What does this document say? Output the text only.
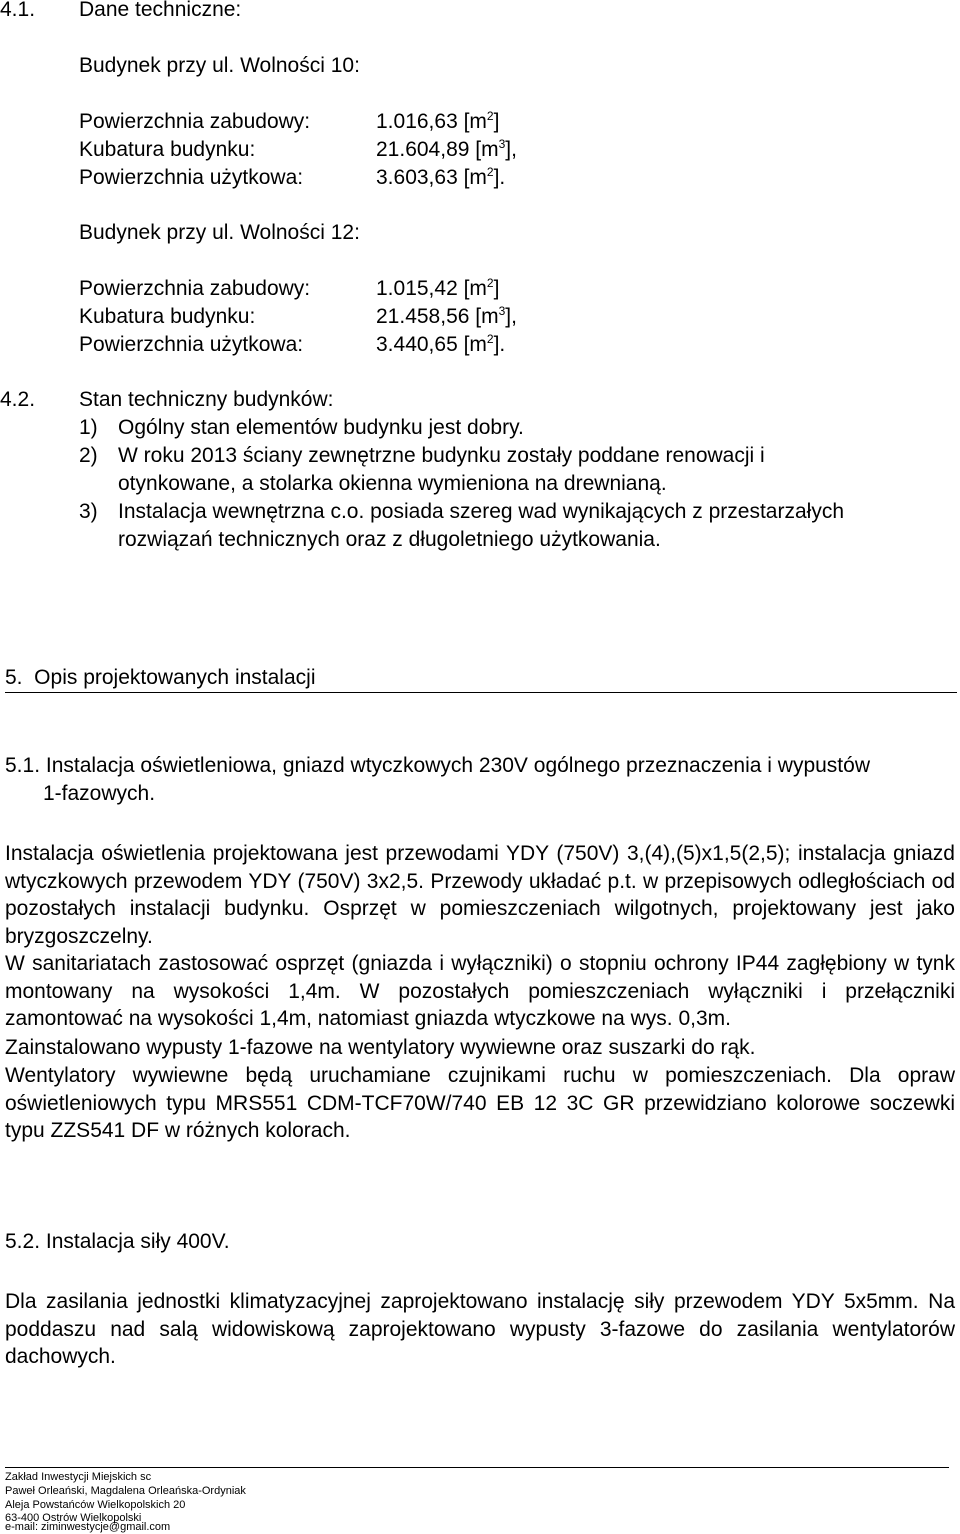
4.1. Dane techniczne:
Budynek przy ul. Wolności 10:
Powierzchnia zabudowy:	1.016,63 $[m^2]$
Kubatura budynku:	21.604,89 $[m^3]$,
Powierzchnia użytkowa:	3.603,63 $[m^2]$.
Budynek przy ul. Wolności 12:
Powierzchnia zabudowy:	1.015,42 $[m^2]$
Kubatura budynku:	21.458,56 $[m^3]$,
Powierzchnia użytkowa:	3.440,65 $[m^2]$.
4.2. Stan techniczny budynków:
1) Ogólny stan elementów budynku jest dobry.
2) W roku 2013 ściany zewnętrzne budynku zostały poddane renowacji i
otynkowane, a stolarka okienna wymieniona na drewnianą.
3) Instalacja wewnętrzna c.o. posiada szereg wad wynikających z przestarzałych
rozwiązań technicznych oraz z długoletniego użytkowania.
5.  Opis projektowanych instalacji
5.1. Instalacja oświetleniowa, gniazd wtyczkowych 230V ogólnego przeznaczenia i wypustów
1-fazowych.
Instalacja oświetlenia projektowana jest przewodami YDY (750V) 3,(4),(5)x1,5(2,5); instalacja gniazd wtyczkowych przewodem YDY (750V) 3x2,5. Przewody układać p.t. w przepisowych odległościach od pozostałych instalacji budynku. Osprzęt w pomieszczeniach wilgotnych, projektowany jest jako bryzgoszczelny.
W sanitariatach zastosować osprzęt (gniazda i wyłączniki) o stopniu ochrony IP44 zagłębiony w tynk montowany na wysokości 1,4m. W pozostałych pomieszczeniach wyłączniki i przełączniki zamontować na wysokości 1,4m, natomiast gniazda wtyczkowe na wys. 0,3m.
Zainstalowano wypusty 1-fazowe na wentylatory wywiewne oraz suszarki do rąk.
Wentylatory wywiewne będą uruchamiane czujnikami ruchu w pomieszczeniach. Dla opraw oświetleniowych typu MRS551 CDM-TCF70W/740 EB 12 3C GR przewidziano kolorowe soczewki typu ZZS541 DF w różnych kolorach.
5.2. Instalacja siły 400V.
Dla zasilania jednostki klimatyzacyjnej zaprojektowano instalację siły przewodem YDY 5x5mm. Na poddaszu nad salą widowiskową zaprojektowano wypusty 3-fazowe do zasilania wentylatorów dachowych.
Zakład Inwestycji Miejskich sc
Paweł Orleański, Magdalena Orleańska-Ordyniak
Aleja Powstańców Wielkopolskich 20
63-400 Ostrów Wielkopolski
e-mail: ziminwestycje@gmail.com
